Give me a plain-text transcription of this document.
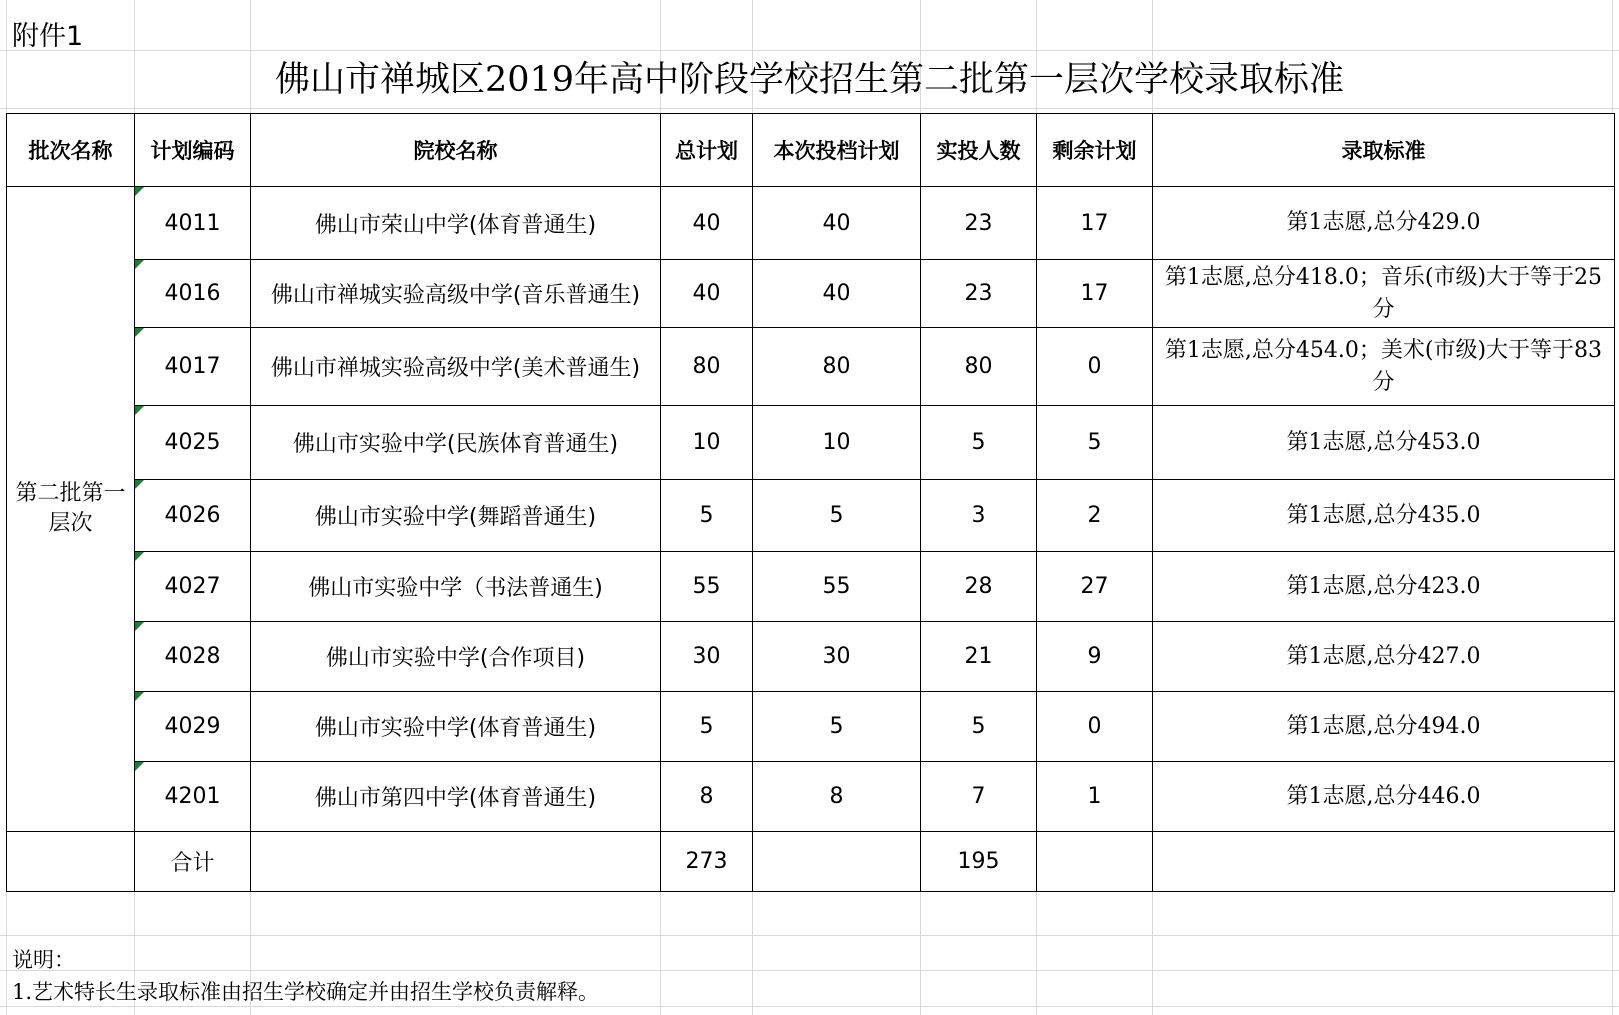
附件1
佛山市禅城区2019年高中阶段学校招生第二批第一层次学校录取标准
批次名称	计划编码	院校名称	总计划	本次投档计划	实投人数	剩余计划	录取标准
第二批第一层次	4011	佛山市荣山中学(体育普通生)	40	40	23	17	第1志愿,总分429.0

4016	佛山市禅城实验高级中学(音乐普通生)	40	40	23	17	第1志愿,总分418.0；音乐(市级)大于等于25分

4017	佛山市禅城实验高级中学(美术普通生)	80	80	80	0	第1志愿,总分454.0；美术(市级)大于等于83分

4025	佛山市实验中学(民族体育普通生)	10	10	5	5	第1志愿,总分453.0

4026	佛山市实验中学(舞蹈普通生)	5	5	3	2	第1志愿,总分435.0

4027	佛山市实验中学（书法普通生)	55	55	28	27	第1志愿,总分423.0

4028	佛山市实验中学(合作项目)	30	30	21	9	第1志愿,总分427.0

4029	佛山市实验中学(体育普通生)	5	5	5	0	第1志愿,总分494.0

4201	佛山市第四中学(体育普通生)	8	8	7	1	第1志愿,总分446.0
	合计		273		195		
说明：
1.艺术特长生录取标准由招生学校确定并由招生学校负责解释。
